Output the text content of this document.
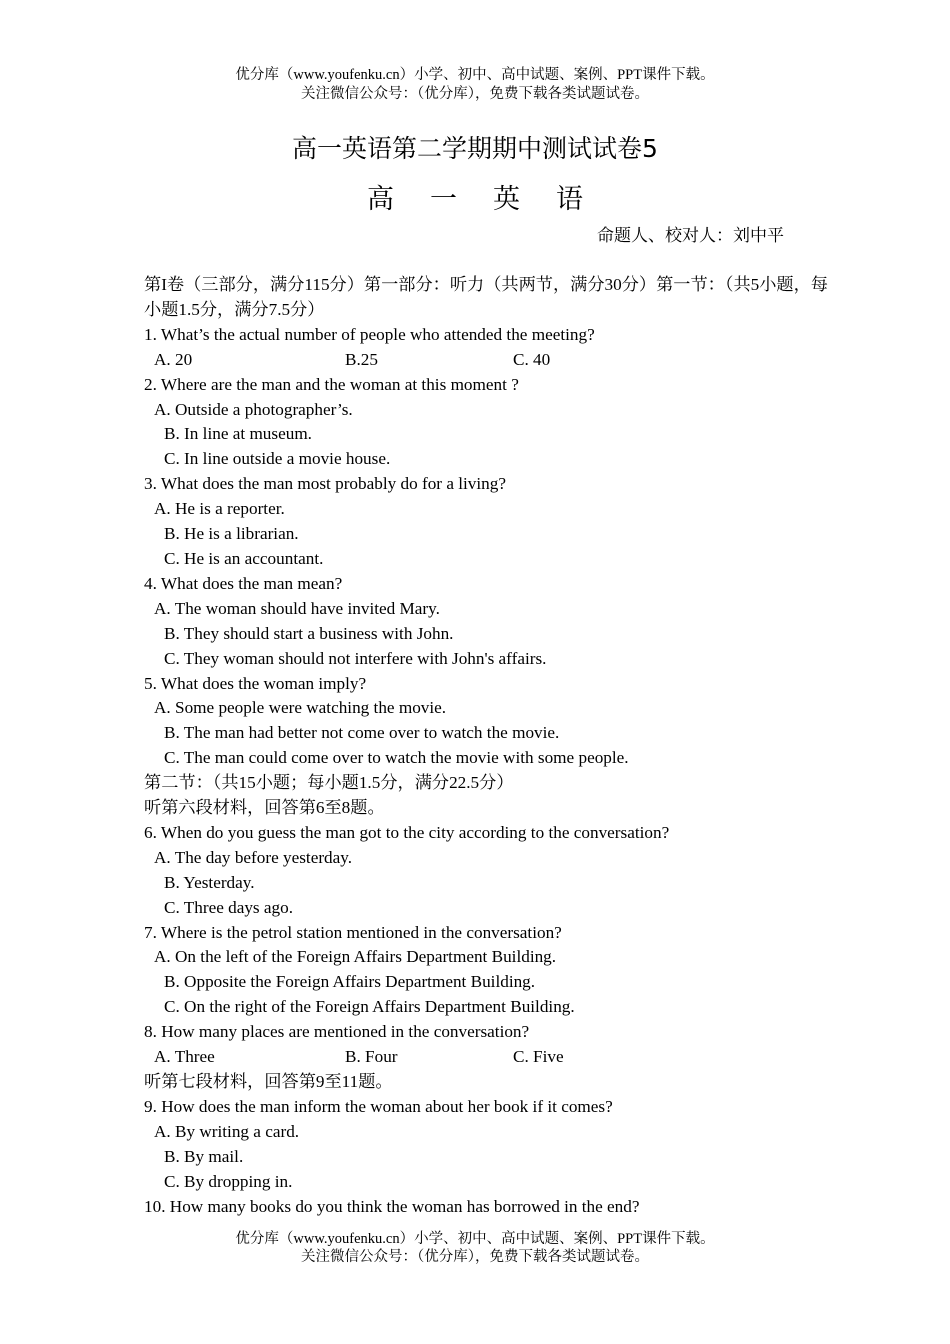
优分库（www.youfenku.cn）小学、初中、高中试题、案例、PPT课件下载。
关注微信公众号：（优分库），免费下载各类试题试卷。
高一英语第二学期期中测试试卷5
高一英语
命题人、校对人：刘中平
第I卷（三部分，满分115分）第一部分：听力（共两节，满分30分）第一节：（共5小题，每小题1.5分，满分7.5分）
1. What’s the actual number of people who attended the meeting?
A. 20	B.25	C. 40
2. Where are the man and the woman at this moment ?
A. Outside a photographer’s.
B. In line at museum.
C. In line outside a movie house.
3. What does the man most probably do for a living?
A. He is a reporter.
B. He is a librarian.
C. He is an accountant.
4. What does the man mean?
A. The woman should have invited Mary.
B. They should start a business with John.
C. They woman should not interfere with John's affairs.
5. What does the woman imply?
A. Some people were watching the movie.
B. The man had better not come over to watch the movie.
C. The man could come over to watch the movie with some people.
第二节：（共15小题；每小题1.5分，满分22.5分）
听第六段材料，回答第6至8题。
6. When do you guess the man got to the city according to the conversation?
A. The day before yesterday.
B. Yesterday.
C. Three days ago.
7. Where is the petrol station mentioned in the conversation?
A. On the left of the Foreign Affairs Department Building.
B. Opposite the Foreign Affairs Department Building.
C. On the right of the Foreign Affairs Department Building.
8. How many places are mentioned in the conversation?
A. Three	B. Four	C. Five
听第七段材料，回答第9至11题。
9. How does the man inform the woman about her book if it comes?
A. By writing a card.
B. By mail.
C. By dropping in.
10. How many books do you think the woman has borrowed in the end?
优分库（www.youfenku.cn）小学、初中、高中试题、案例、PPT课件下载。
关注微信公众号：（优分库），免费下载各类试题试卷。
